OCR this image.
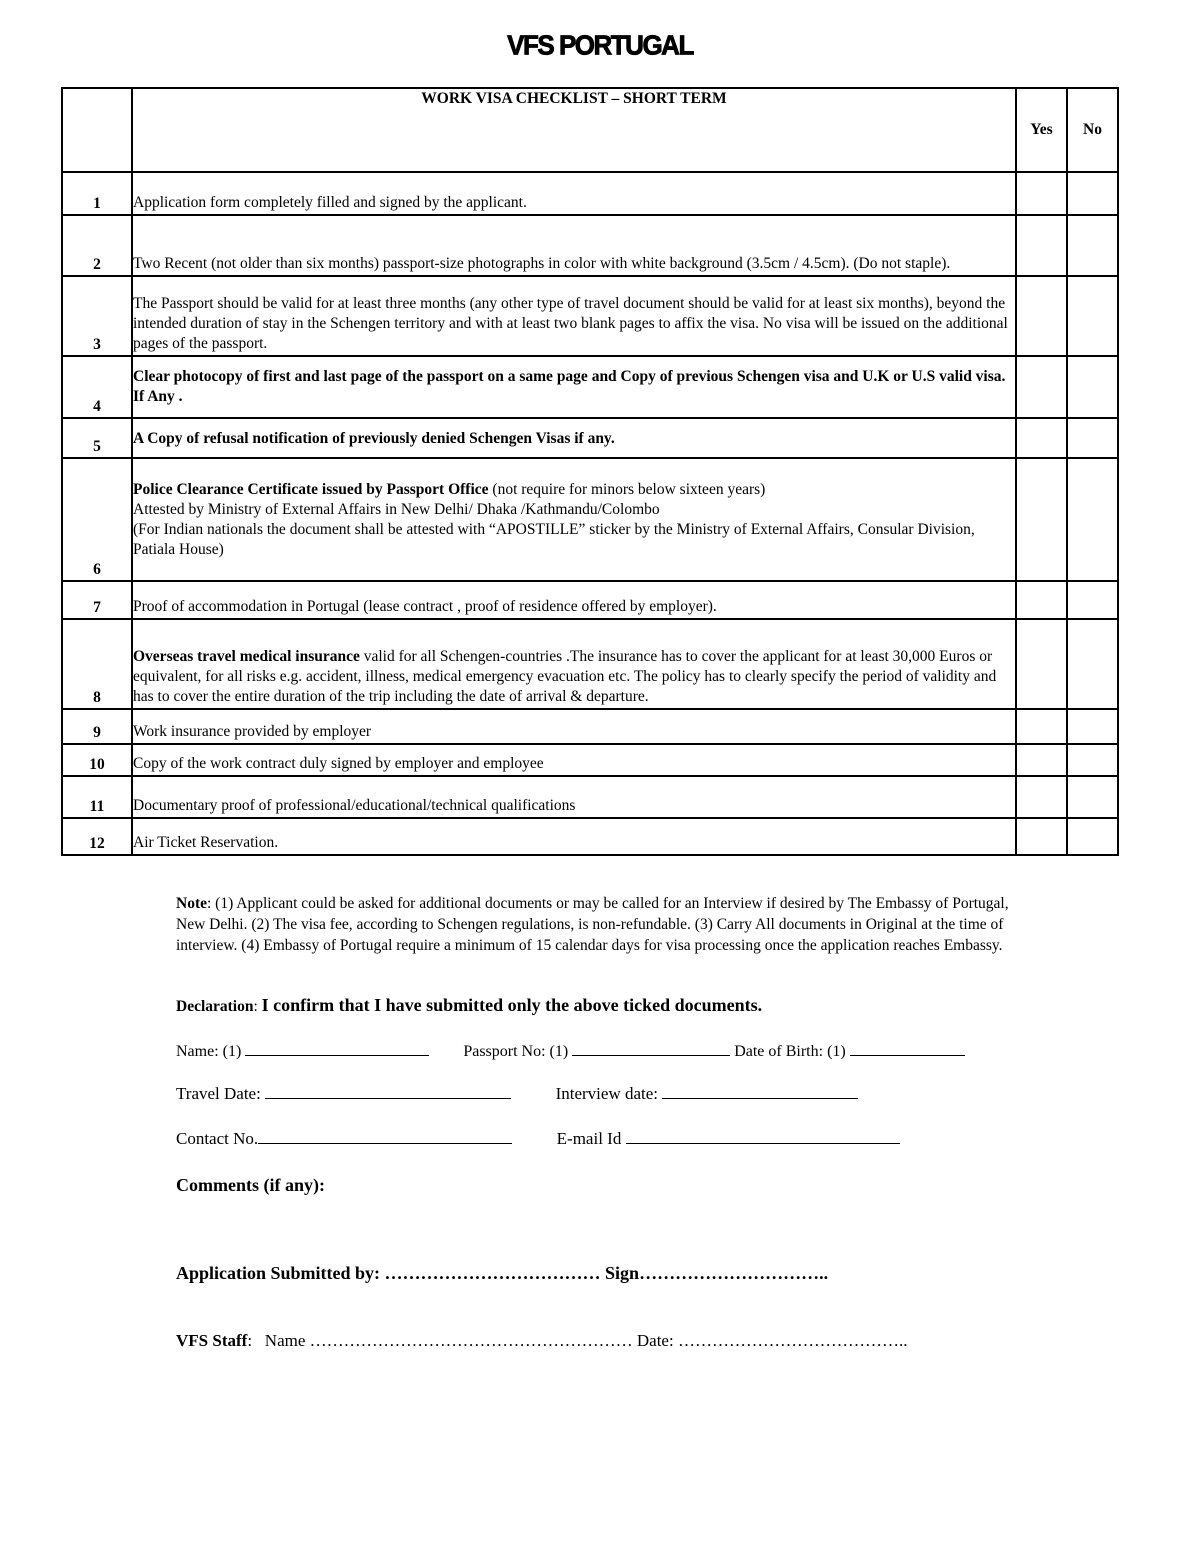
VFS PORTUGAL
	WORK VISA CHECKLIST – SHORT TERM	Yes	No
1	Application form completely filled and signed by the applicant.		

2	Two Recent (not older than six months) passport-size photographs in color with white background (3.5cm / 4.5cm). (Do not staple).		

3	The Passport should be valid for at least three months (any other type of travel document should be valid for at least six months), beyond the intended duration of stay in the Schengen territory and with at least two blank pages to affix the visa. No visa will be issued on the additional pages of the passport.		

4	Clear photocopy of first and last page of the passport on a same page and Copy of previous Schengen visa and U.K or U.S valid visa. If Any .		

5	A Copy of refusal notification of previously denied Schengen Visas if any.		

6	Police Clearance Certificate issued by Passport Office (not require for minors below sixteen years)
Attested by Ministry of External Affairs in New Delhi/ Dhaka /Kathmandu/Colombo
(For Indian nationals the document shall be attested with “APOSTILLE” sticker by the Ministry of External Affairs, Consular Division, Patiala House)		

7	Proof of accommodation in Portugal (lease contract , proof of residence offered by employer).		

8	Overseas travel medical insurance valid for all Schengen-countries .The insurance has to cover the applicant for at least 30,000 Euros or equivalent, for all risks e.g. accident, illness, medical emergency evacuation etc. The policy has to clearly specify the period of validity and has to cover the entire duration of the trip including the date of arrival & departure.		

9	Work insurance provided by employer		

10	Copy of the work contract duly signed by employer and employee		

11	Documentary proof of professional/educational/technical qualifications		

12	Air Ticket Reservation.		

Note: (1) Applicant could be asked for additional documents or may be called for an Interview if desired by The Embassy of Portugal, New Delhi. (2) The visa fee, according to Schengen regulations, is non-refundable. (3) Carry All documents in Original at the time of interview. (4) Embassy of Portugal require a minimum of 15 calendar days for visa processing once the application reaches Embassy.
Declaration: I confirm that I have submitted only the above ticked documents.
Name: (1)	Passport No: (1)	Date of Birth: (1)
Travel Date:	Interview date:
Contact No.	E-mail Id
Comments (if any):
Application Submitted by: ……………………………… Sign…………………………..
VFS Staff:   Name ………………………………………………… Date: …………………………………..
